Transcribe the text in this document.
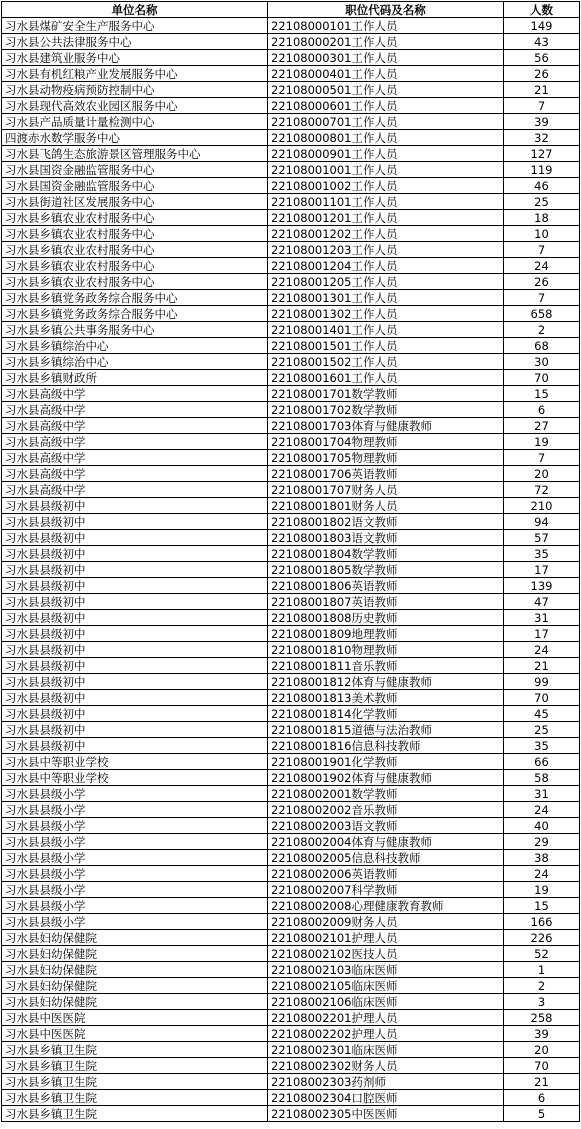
单位名称	职位代码及名称	人数
习水县煤矿安全生产服务中心	22108000101工作人员	149
习水县公共法律服务中心	22108000201工作人员	43
习水县建筑业服务中心	22108000301工作人员	56
习水县有机红粮产业发展服务中心	22108000401工作人员	26
习水县动物疫病预防控制中心	22108000501工作人员	21
习水县现代高效农业园区服务中心	22108000601工作人员	7
习水县产品质量计量检测中心	22108000701工作人员	39
四渡赤水数学服务中心	22108000801工作人员	32
习水县飞鸽生态旅游景区管理服务中心	22108000901工作人员	127
习水县国资金融监管服务中心	22108001001工作人员	119
习水县国资金融监管服务中心	22108001002工作人员	46
习水县街道社区发展服务中心	22108001101工作人员	25
习水县乡镇农业农村服务中心	22108001201工作人员	18
习水县乡镇农业农村服务中心	22108001202工作人员	10
习水县乡镇农业农村服务中心	22108001203工作人员	7
习水县乡镇农业农村服务中心	22108001204工作人员	24
习水县乡镇农业农村服务中心	22108001205工作人员	26
习水县乡镇党务政务综合服务中心	22108001301工作人员	7
习水县乡镇党务政务综合服务中心	22108001302工作人员	658
习水县乡镇公共事务服务中心	22108001401工作人员	2
习水县乡镇综治中心	22108001501工作人员	68
习水县乡镇综治中心	22108001502工作人员	30
习水县乡镇财政所	22108001601工作人员	70
习水县高级中学	22108001701数学教师	15
习水县高级中学	22108001702数学教师	6
习水县高级中学	22108001703体育与健康教师	27
习水县高级中学	22108001704物理教师	19
习水县高级中学	22108001705物理教师	7
习水县高级中学	22108001706英语教师	20
习水县高级中学	22108001707财务人员	72
习水县县级初中	22108001801财务人员	210
习水县县级初中	22108001802语文教师	94
习水县县级初中	22108001803语文教师	57
习水县县级初中	22108001804数学教师	35
习水县县级初中	22108001805数学教师	17
习水县县级初中	22108001806英语教师	139
习水县县级初中	22108001807英语教师	47
习水县县级初中	22108001808历史教师	31
习水县县级初中	22108001809地理教师	17
习水县县级初中	22108001810物理教师	24
习水县县级初中	22108001811音乐教师	21
习水县县级初中	22108001812体育与健康教师	99
习水县县级初中	22108001813美术教师	70
习水县县级初中	22108001814化学教师	45
习水县县级初中	22108001815道德与法治教师	25
习水县县级初中	22108001816信息科技教师	35
习水县中等职业学校	22108001901化学教师	66
习水县中等职业学校	22108001902体育与健康教师	58
习水县县级小学	22108002001数学教师	31
习水县县级小学	22108002002音乐教师	24
习水县县级小学	22108002003语文教师	40
习水县县级小学	22108002004体育与健康教师	29
习水县县级小学	22108002005信息科技教师	38
习水县县级小学	22108002006英语教师	24
习水县县级小学	22108002007科学教师	19
习水县县级小学	22108002008心理健康教育教师	15
习水县县级小学	22108002009财务人员	166
习水县妇幼保健院	22108002101护理人员	226
习水县妇幼保健院	22108002102医技人员	52
习水县妇幼保健院	22108002103临床医师	1
习水县妇幼保健院	22108002105临床医师	2
习水县妇幼保健院	22108002106临床医师	3
习水县中医医院	22108002201护理人员	258
习水县中医医院	22108002202护理人员	39
习水县乡镇卫生院	22108002301临床医师	20
习水县乡镇卫生院	22108002302财务人员	70
习水县乡镇卫生院	22108002303药剂师	21
习水县乡镇卫生院	22108002304口腔医师	6
习水县乡镇卫生院	22108002305中医医师	5
